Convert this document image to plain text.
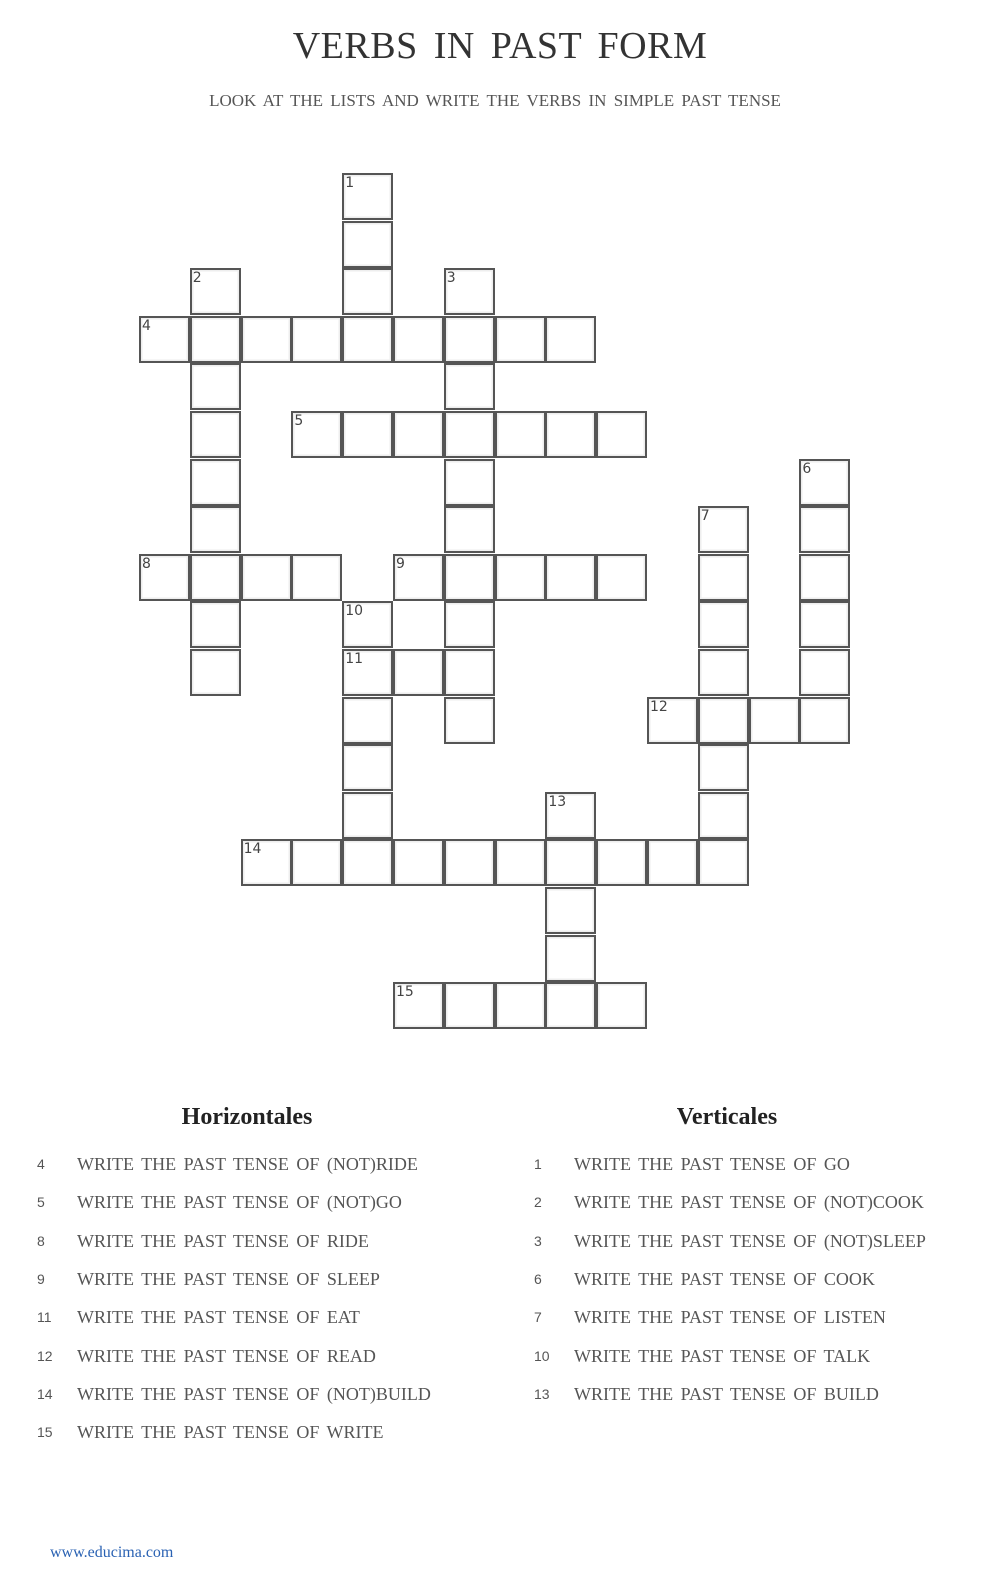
VERBS IN PAST FORM
LOOK AT THE LISTS AND WRITE THE VERBS IN SIMPLE PAST TENSE
1
2	3
4
5
6
7
8	9
10
11
12
13
14
15
Horizontales	Verticales
4	WRITE THE PAST TENSE OF (NOT)RIDE
5	WRITE THE PAST TENSE OF (NOT)GO
8	WRITE THE PAST TENSE OF RIDE
9	WRITE THE PAST TENSE OF SLEEP
11	WRITE THE PAST TENSE OF EAT
12	WRITE THE PAST TENSE OF READ
14	WRITE THE PAST TENSE OF (NOT)BUILD
15	WRITE THE PAST TENSE OF WRITE
1	WRITE THE PAST TENSE OF GO
2	WRITE THE PAST TENSE OF (NOT)COOK
3	WRITE THE PAST TENSE OF (NOT)SLEEP
6	WRITE THE PAST TENSE OF COOK
7	WRITE THE PAST TENSE OF LISTEN
10	WRITE THE PAST TENSE OF TALK
13	WRITE THE PAST TENSE OF BUILD
www.educima.com
